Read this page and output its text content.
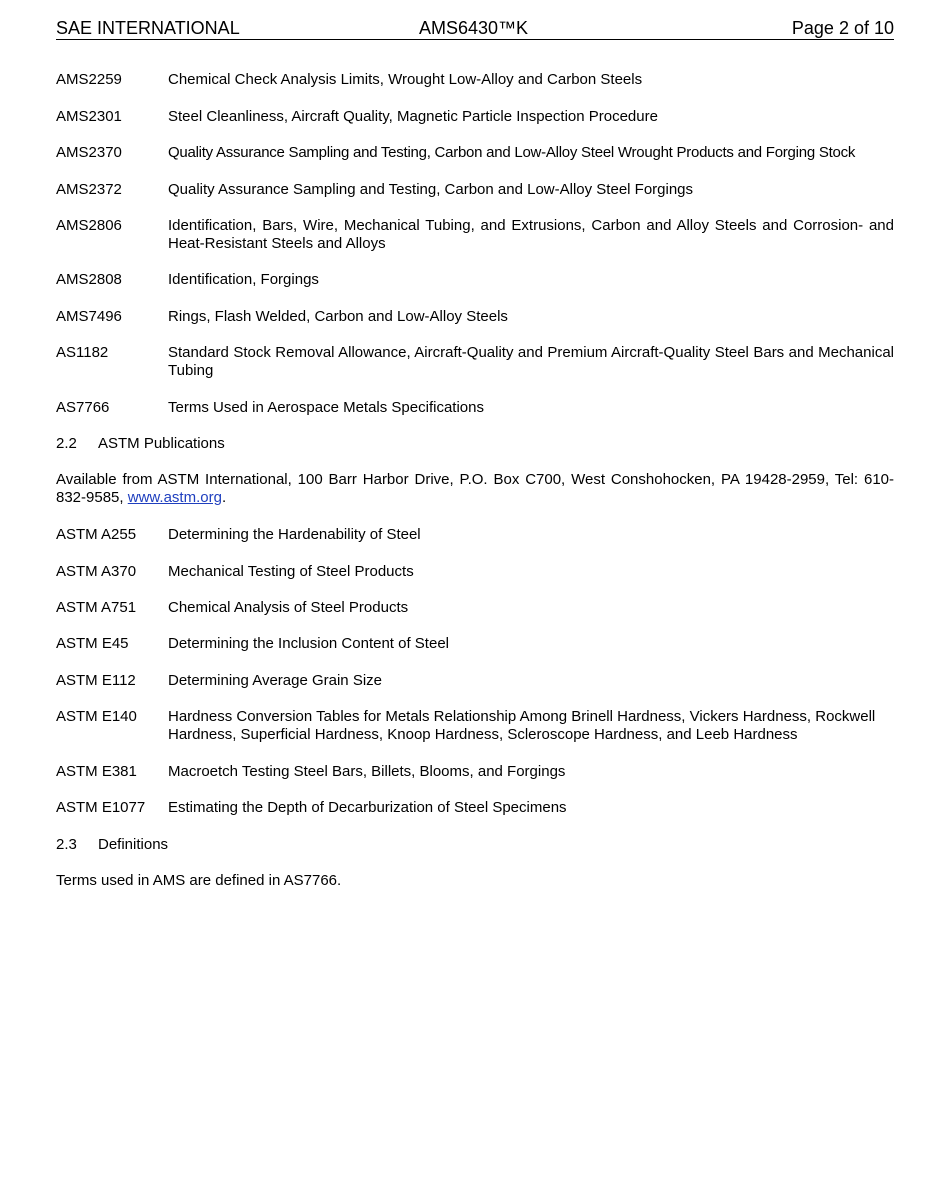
SAE INTERNATIONAL	AMS6430™K	Page 2 of 10
AMS2259	Chemical Check Analysis Limits, Wrought Low-Alloy and Carbon Steels
AMS2301	Steel Cleanliness, Aircraft Quality, Magnetic Particle Inspection Procedure
AMS2370	Quality Assurance Sampling and Testing, Carbon and Low-Alloy Steel Wrought Products and Forging Stock
AMS2372	Quality Assurance Sampling and Testing, Carbon and Low-Alloy Steel Forgings
AMS2806	Identification, Bars, Wire, Mechanical Tubing, and Extrusions, Carbon and Alloy Steels and Corrosion- and Heat-Resistant Steels and Alloys
AMS2808	Identification, Forgings
AMS7496	Rings, Flash Welded, Carbon and Low-Alloy Steels
AS1182	Standard Stock Removal Allowance, Aircraft-Quality and Premium Aircraft-Quality Steel Bars and Mechanical Tubing
AS7766	Terms Used in Aerospace Metals Specifications
2.2 ASTM Publications
Available from ASTM International, 100 Barr Harbor Drive, P.O. Box C700, West Conshohocken, PA 19428-2959, Tel: 610-832-9585, www.astm.org.
ASTM A255	Determining the Hardenability of Steel
ASTM A370	Mechanical Testing of Steel Products
ASTM A751	Chemical Analysis of Steel Products
ASTM E45	Determining the Inclusion Content of Steel
ASTM E112	Determining Average Grain Size
ASTM E140	Hardness Conversion Tables for Metals Relationship Among Brinell Hardness, Vickers Hardness, Rockwell Hardness, Superficial Hardness, Knoop Hardness, Scleroscope Hardness, and Leeb Hardness
ASTM E381	Macroetch Testing Steel Bars, Billets, Blooms, and Forgings
ASTM E1077	Estimating the Depth of Decarburization of Steel Specimens
2.3 Definitions
Terms used in AMS are defined in AS7766.
